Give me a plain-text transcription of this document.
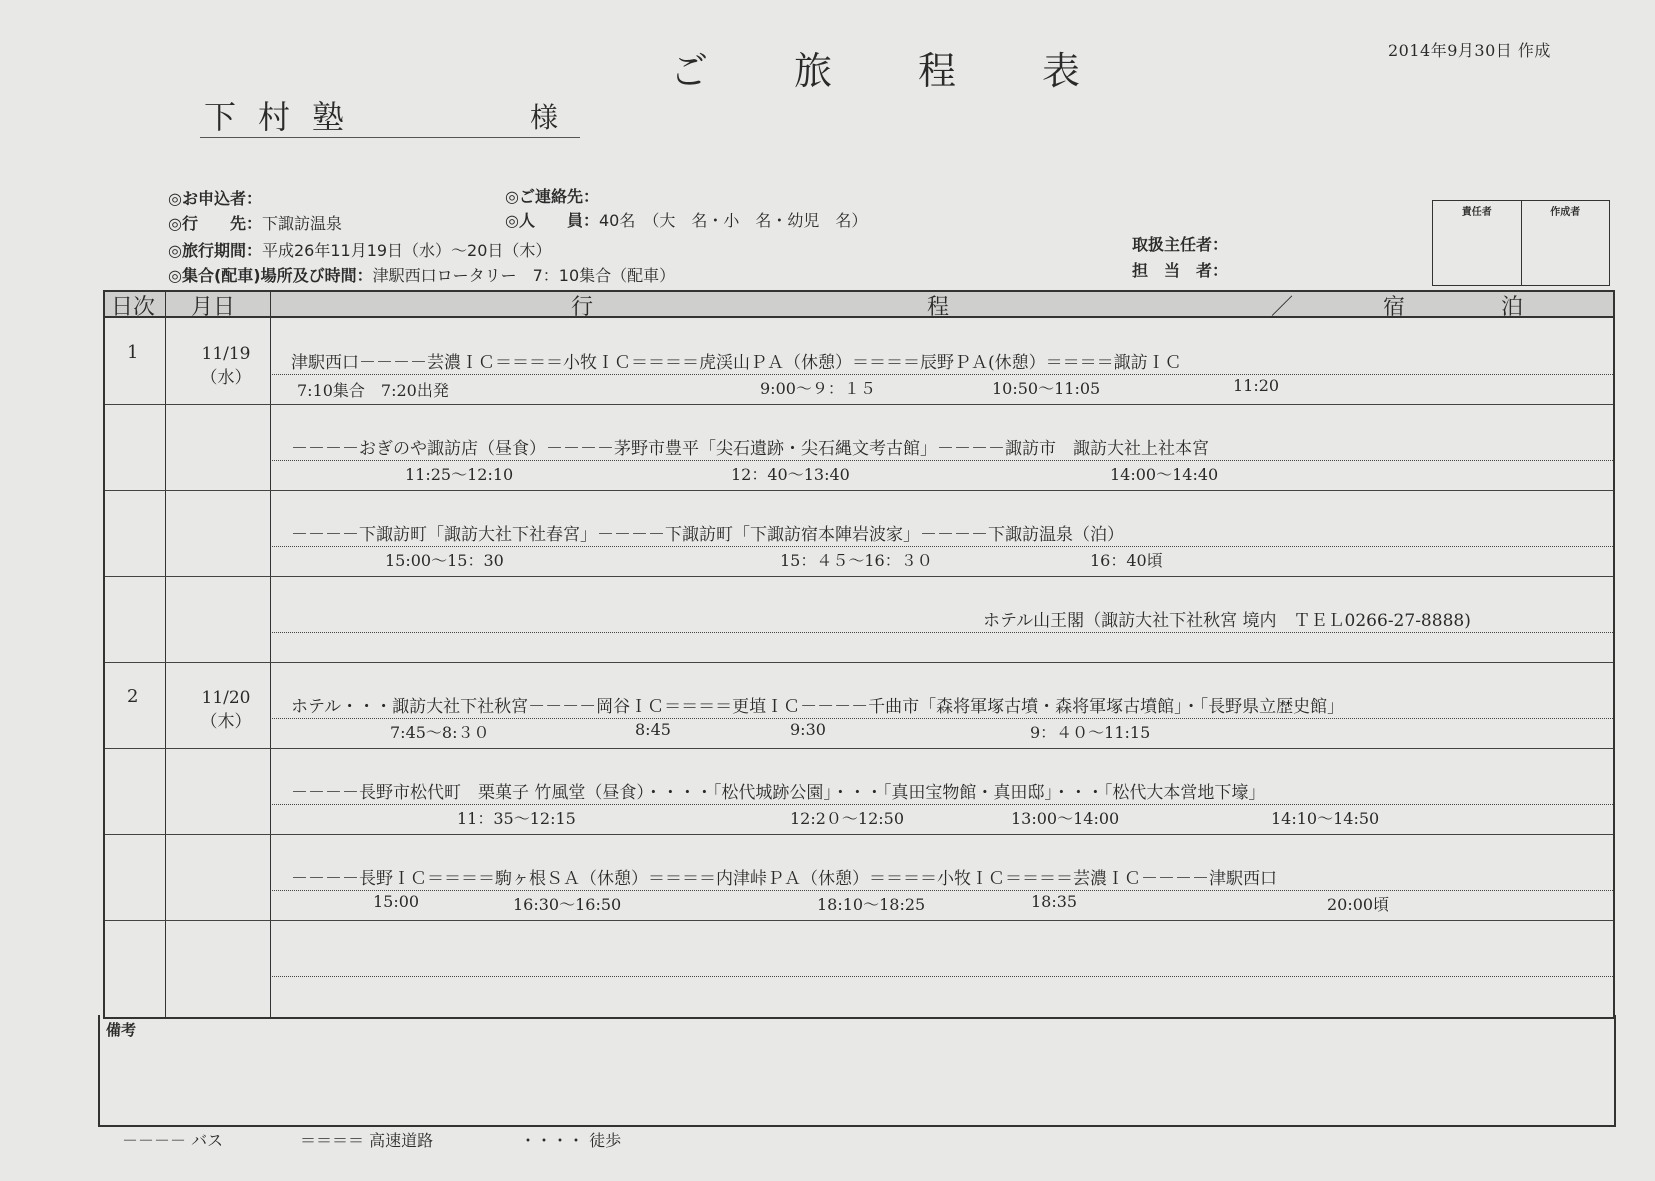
2014年9月30日 作成
ご旅程表
下村塾	様
◎お申込者：	◎ご連絡先：
◎行　　先：下諏訪温泉	◎人　　員：40名　（大　名・小　名・幼児　名）
◎旅行期間：平成26年11月19日（水）～20日（木）
◎集合(配車)場所及び時間：津駅西口ロータリー　7：10集合（配車）
取扱主任者：
担　当　者：
責任者	作成者
日次 月日	行	程	／	宿	泊
1	11/19
（水）
津駅西口－－－－芸濃ＩＣ＝＝＝＝小牧ＩＣ＝＝＝＝虎渓山ＰＡ（休憩）＝＝＝＝辰野ＰＡ(休憩）＝＝＝＝諏訪ＩＣ
7:10集合　7:20出発	9:00～９：１５	10:50～11:05	11:20
－－－－おぎのや諏訪店（昼食）－－－－茅野市豊平「尖石遺跡・尖石縄文考古館」－－－－諏訪市　諏訪大社上社本宮
11:25～12:10	12：40～13:40	14:00～14:40
－－－－下諏訪町「諏訪大社下社春宮」－－－－下諏訪町「下諏訪宿本陣岩波家」－－－－下諏訪温泉（泊）
15:00～15：30	15：４５～16：３０	16：40頃
ホテル山王閣（諏訪大社下社秋宮 境内　ＴＥＬ0266-27-8888)
2	11/20
（木）
ホテル・・・諏訪大社下社秋宮－－－－岡谷ＩＣ＝＝＝＝更埴ＩＣ－－－－千曲市「森将軍塚古墳・森将軍塚古墳館」・「長野県立歴史館」
7:45～8:３０	8:45	9:30	9：４０～11:15
－－－－長野市松代町　栗菓子 竹風堂（昼食）・・・・「松代城跡公園」・・・「真田宝物館・真田邸」・・・「松代大本営地下壕」
11：35～12:15	12:2０～12:50	13:00～14:00	14:10～14:50
－－－－長野ＩＣ＝＝＝＝駒ヶ根ＳＡ（休憩）＝＝＝＝内津峠ＰＡ（休憩）＝＝＝＝小牧ＩＣ＝＝＝＝芸濃ＩＣ－－－－津駅西口
15:00	16:30～16:50	18:10～18:25	18:35	20:00頃
備考
－－－－ バス	＝＝＝＝ 高速道路	・・・・ 徒歩
